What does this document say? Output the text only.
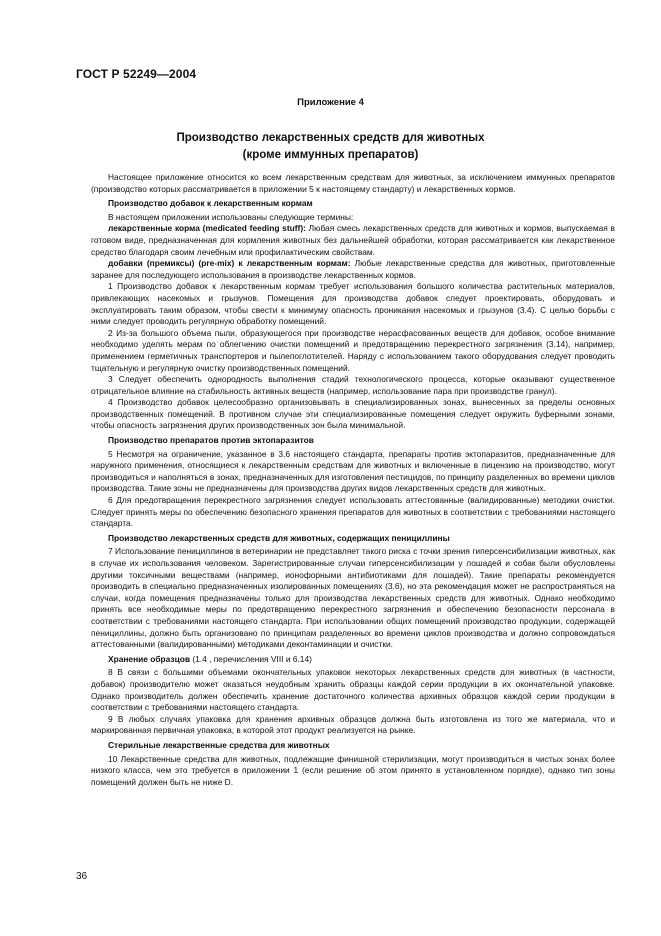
ГОСТ Р 52249—2004
Приложение 4
Производство лекарственных средств для животных
(кроме иммунных препаратов)

Настоящее приложение относится ко всем лекарственным средствам для животных, за исключением иммунных препаратов (производство которых рассматривается в приложении 5 к настоящему стандарту) и лекарственных кормов.

Производство добавок к лекарственным кормам

В настоящем приложении использованы следующие термины:

лекарственные корма (medicated feeding stuff): Любая смесь лекарственных средств для животных и кормов, выпускаемая в готовом виде, предназначенная для кормления животных без дальнейшей обработки, которая рассматривается как лекарственное средство благодаря своим лечебным или профилактическим свойствам.

добавки (премиксы) (pre-mix) к лекарственным кормам: Любые лекарственные средства для животных, приготовленные заранее для последующего использования в производстве лекарственных кормов.

1 Производство добавок к лекарственным кормам требует использования большого количества растительных материалов, привлекающих насекомых и грызунов. Помещения для производства добавок следует проектировать, оборудовать и эксплуатировать таким образом, чтобы свести к минимуму опасность проникания насекомых и грызунов (3.4). С целью борьбы с ними следует проводить регулярную обработку помещений.

2 Из-за большого объема пыли, образующегося при производстве нерасфасованных веществ для добавок, особое внимание необходимо уделять мерам по облегчению очистки помещений и предотвращению перекрестного загрязнения (3.14), например, применением герметичных транспортеров и пылепоглотителей. Наряду с использованием такого оборудования следует проводить тщательную и регулярную очистку производственных помещений.

3 Следует обеспечить однородность выполнения стадий технологического процесса, которые оказывают существенное отрицательное влияние на стабильность активных веществ (например, использование пара при производстве гранул).

4 Производство добавок целесообразно организовывать в специализированных зонах, вынесенных за пределы основных производственных помещений. В противном случае эти специализированные помещения следует окружить буферными зонами, чтобы опасность загрязнения других производственных зон была минимальной.

Производство препаратов против эктопаразитов

5 Несмотря на ограничение, указанное в 3.6 настоящего стандарта, препараты против эктопаразитов, предназначенные для наружного применения, относящиеся к лекарственным средствам для животных и включенные в лицензию на производство, могут производиться и наполняться в зонах, предназначенных для изготовления пестицидов, по принципу разделенных во времени циклов производства. Такие зоны не предназначены для производства других видов лекарственных средств для животных.

6 Для предотвращения перекрестного загрязнения следует использовать аттестованные (валидированные) методики очистки. Следует принять меры по обеспечению безопасного хранения препаратов для животных в соответствии с требованиями настоящего стандарта.

Производство лекарственных средств для животных, содержащих пенициллины

7 Использование пенициллинов в ветеринарии не представляет такого риска с точки зрения гиперсенсибилизации животных, как в случае их использования человеком. Зарегистрированные случаи гиперсенсибилизации у лошадей и собак были обусловлены другими токсичными веществами (например, ионофорными антибиотиками для лошадей). Такие препараты рекомендуется производить в специально предназначенных изолированных помещениях (3.6), но эта рекомендация может не распространяться на случаи, когда помещения предназначены только для производства лекарственных средств для животных. Однако необходимо принять все необходимые меры по предотвращению перекрестного загрязнения и обеспечению безопасности персонала в соответствии с требованиями настоящего стандарта. При использовании общих помещений производство продукции, содержащей пенициллины, должно быть организовано по принципам разделенных во времени циклов производства и должно сопровождаться аттестованными (валидированными) методиками деконтаминации и очистки.

Хранение образцов (1.4 , перечисления VIII и 6.14)

8 В связи с большими объемами окончательных упаковок некоторых лекарственных средств для животных (в частности, добавок) производителю может оказаться неудобным хранить образцы каждой серии продукции в их окончательной упаковке. Однако производитель должен обеспечить хранение достаточного количества архивных образцов каждой серии продукции в соответствии с требованиями настоящего стандарта.

9 В любых случаях упаковка для хранения архивных образцов должна быть изготовлена из того же материала, что и маркированная первичная упаковка, в которой этот продукт реализуется на рынке.

Стерильные лекарственные средства для животных

10 Лекарственные средства для животных, подлежащие финишной стерилизации, могут производиться в чистых зонах более низкого класса, чем это требуется в приложении 1 (если решение об этом принято в установленном порядке), однако тип зоны помещений должен быть не ниже D.

36
